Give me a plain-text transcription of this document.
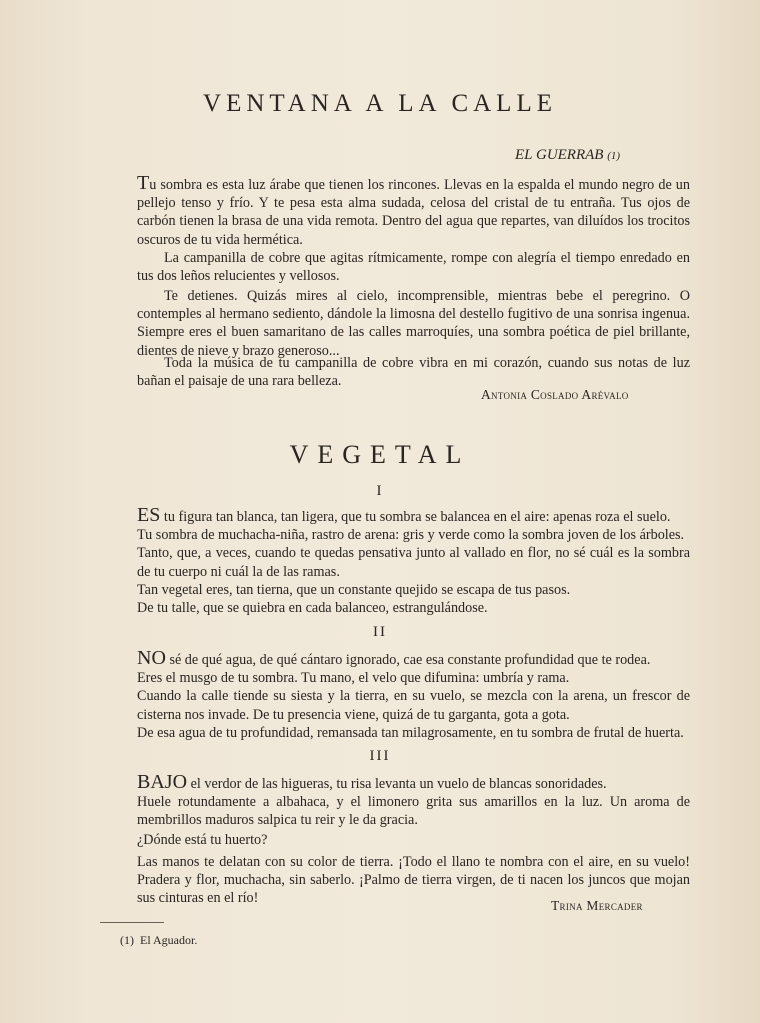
VENTANA A LA CALLE
EL GUERRAB (1)

Tu sombra es esta luz árabe que tienen los rincones. Llevas en la espalda el mundo negro de un pellejo tenso y frío. Y te pesa esta alma sudada, celosa del cristal de tu entraña. Tus ojos de carbón tienen la brasa de una vida remota. Dentro del agua que repartes, van diluídos los trocitos oscuros de tu vida hermética.

La campanilla de cobre que agitas rítmicamente, rompe con alegría el tiempo enredado en tus dos leños relucientes y vellosos.

Te detienes. Quizás mires al cielo, incomprensible, mientras bebe el peregrino. O contemples al hermano sediento, dándole la limosna del destello fugitivo de una sonrisa ingenua. Siempre eres el buen samaritano de las calles marroquíes, una sombra poética de piel brillante, dientes de nieve y brazo generoso...

Toda la música de tu campanilla de cobre vibra en mi corazón, cuando sus notas de luz bañan el paisaje de una rara belleza.

Antonia Coslado Arévalo
VEGETAL
I
ES tu figura tan blanca, tan ligera, que tu sombra se balancea en el aire: apenas roza el suelo.
Tu sombra de muchacha-niña, rastro de arena: gris y verde como la sombra joven de los árboles.
Tanto, que, a veces, cuando te quedas pensativa junto al vallado en flor, no sé cuál es la sombra de tu cuerpo ni cuál la de las ramas.
Tan vegetal eres, tan tierna, que un constante quejido se escapa de tus pasos.
De tu talle, que se quiebra en cada balanceo, estrangulándose.
II
NO sé de qué agua, de qué cántaro ignorado, cae esa constante profundidad que te rodea.
Eres el musgo de tu sombra. Tu mano, el velo que difumina: umbría y rama.
Cuando la calle tiende su siesta y la tierra, en su vuelo, se mezcla con la arena, un frescor de cisterna nos invade. De tu presencia viene, quizá de tu garganta, gota a gota.
De esa agua de tu profundidad, remansada tan milagrosamente, en tu sombra de frutal de huerta.
III
BAJO el verdor de las higueras, tu risa levanta un vuelo de blancas sonoridades.
Huele rotundamente a albahaca, y el limonero grita sus amarillos en la luz. Un aroma de membrillos maduros salpica tu reir y le da gracia.

¿Dónde está tu huerto?

Las manos te delatan con su color de tierra. ¡Todo el llano te nombra con el aire, en su vuelo! Pradera y flor, muchacha, sin saberlo. ¡Palmo de tierra virgen, de ti nacen los juncos que mojan sus cinturas en el río!	Trina Mercader
(1) El Aguador.
